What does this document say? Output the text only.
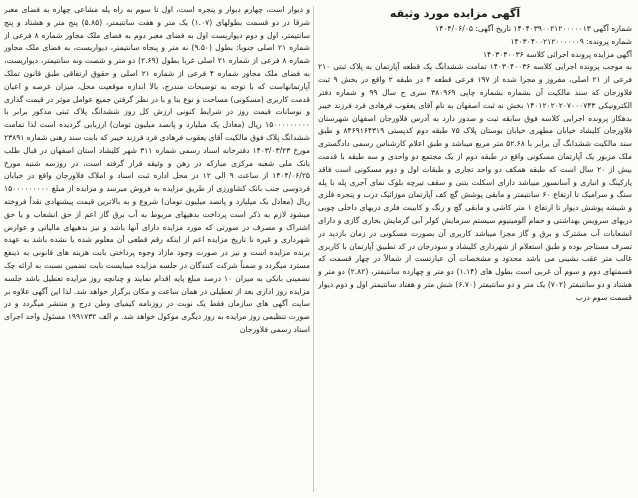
آگهی مزایده مورد وثیقه
شماره آگهی ۱۴۰۴۰۳۹۰۰۲۱۲۰۰۰۰۰۱۳ تاریخ آگهی: ۱۴۰۴/۰۶/۰۵
شماره پرونده: ۱۴۰۳۰۴۰۰۲۱۲۰۰۰۰۰۰۹
آگهی مزایده پرونده اجرائی کلاسه ۱۴۰۳۰۴۰۰۳۶
به موجب پرونده اجرایی کلاسه ۱۴۰۳۰۴۰۰۳۶ تمامت ششدانگ یک قطعه آپارتمان به پلاک ثبتی ۲۱۰ فرعی از ۲۱ اصلی، مفروز و مجزا شده از ۱۹۷ فرعی قطعه ۴ در طبقه ۲ واقع در بخش ۹ ثبت فلاورجان که سند مالکیت آن بشماره بشماره چاپی ۳۸۰۹۶۹ سری ج سال ۹۹ و شماره دفتر الکترونیکی ۱۴۰۱۲۰۲۰۲۰۷۰۰۰۷۴۳ بخش نه ثبت اصفهان به نام آقای یعقوب فرهادی فرد فرزند خیبر بدهکار پرونده اجرایی کلاسه فوق سابقه ثبت و صدور دارد به آدرس فلاورجان اصفهان شهرستان فلاورجان کلیشاد خیابان مطهری خیابان بوستان پلاک ۷۵ طبقه دوم کدپستی ۸۴۶۹۱۶۴۳۱۹ و طبق سند مالکیت ششدانگ آن برابر با ۵۲.۶۸ متر مربع میباشد و طبق اعلام کارشناس رسمی دادگستری ملک مزبور یک آپارتمان مسکونی واقع در طبقه دوم از یک مجتمع دو واحدی و سه طبقه با قدمت بیش از ۲۰ سال است که طبقه همکف دو واحد تجاری و طبقات اول و دوم مسکونی است فاقد پارکینگ و انباری و آسانسور میباشد دارای اسکلت بتنی و سقف تیرچه بلوک نمای آجری پله با پله سنگ و سرامیک تا ارتفاع ۶۰ سانتیمتر و مابقی پوشش گچ کف آپارتمان موزائیک درب و پنجره فلزی و شیشه پوشش دیوار تا ارتفاع ۱ متر کاشی و مابقی گچ و رنگ و کابینت فلزی دربهای داخلی چوبی دربهای سرویس بهداشتی و حمام آلومینیوم سیستم سرمایش کولر آبی گرمایش بخاری گازی و دارای انشعابات آب مشترک و برق و گاز مجزا میباشد کاربری آن بصورت مسکونی در زمان بازدید در تصرف مستاجر بوده و طبق استعلام از شهرداری کلیشاد و سودرجان در کد تطبیق آپارتمان با کاربری غالب متر عقب نشینی می باشد محدود و مشخصات آن عبارتست از شمالاً در چهار قسمت که قسمتهای دوم و سوم آن غربی است بطول های (۱.۱۴) دو متر و چهارده سانتیمتر، (۲.۸۲) دو متر و هشتاد و دو سانتیمتر (۷۰۲) یک متر و دو سانتیمتر (۶.۷۰) شش متر و هفتاد سانتیمتر اول و دوم دیوار قسمت سوم درب
و دیوار است، چهارم دیوار و پنجره است، اول تا سوم به راه پله مشاعی چهاره به فضای معبر شرقا در دو قسمت بطولهای (۱.۰۷) یک متر و هفت سانتیمتر، (۵.۸۵) پنج متر و هشتاد و پنج سانتیمتر، اول و دوم دیواریست اول به فضای معبر دوم به فضای ملک مجاور شماره ۸ فرعی از شماره ۲۱ اصلی جنوبا: بطول (۹.۵۰) نه متر و پنجاه سانتیمتر، دیواریست، به فضای ملک مجاور شماره ۸ فرعی از شماره ۲۱ اصلی غربا بطول (۲.۶۹) دو متر و شصت ونه سانتیمتر، دیواریست، به فضای ملک مجاور شماره ۴ فرعی از شماره ۲۱ اصلی و حقوق ارتفاقی طبق قانون تملک آپارتمانهاست که با توجه به توضیحات مندرج، بالا اندازه موقعیت محل، میزان عرصه و اعیان قدمت کاربری (مسکونی) مساحت و نوع بنا و با در نظر گرفتن جمیع عوامل موثر در قیمت گذاری و نوسانات قیمت روز در شرایط کنونی ارزش کل روز ششدانگ پلاک ثبتی مذکور برابر با ۱۵۰۰۰۰۰۰۰۰۰ ریال (معادل یک میلیارد و پانصد میلیون تومان) ارزیابی گردیده است لذا تمامت ششدانگ پلاک فوق مالکیت آقای یعقوب فرهادی فرد فرزند خیبر که بابت سند رهنی شماره ۲۳۸۹۱ مورخ ۱۴۰۳/۰۳/۲۳ دفترخانه اسناد رسمی شماره ۳۱۱ شهر کلیشاد استان اصفهان در قبال طلب بانک ملی شعبه مرکزی مبارکه در رهن و وثیقه قرار گرفته است، در روزسه شنبه مورخ ۱۴۰۴/۰۶/۲۵ از ساعت ۹ الی ۱۲ در محل اداره ثبت اسناد و املاک فلاورجان واقع در خیابان فردوسی جنب بانک کشاورزی از طریق مزایده به فروش میرسد و مزایده از مبلغ ۱۵۰۰۰۰۰۰۰۰۰ ریال (معادل یک میلیارد و پانصد میلیون تومان) شروع و به بالاترین قیمت پیشنهادی نقداً فروخته میشود لازم به ذکر است پرداخت بدهیهای مربوط به آب برق گاز اعم از حق انشعاب و یا حق اشتراک و مصرف در صورتی که مورد مزایده دارای آنها باشد و نیز بدهیهای مالیاتی و عوارض شهرداری و غیره تا تاریخ مزایده اعم از اینکه رقم قطعی آن معلوم شده یا نشده باشد به عهده برنده مزایده است و نیز در صورت وجود مازاد وجوه پرداختی بابت هزینه های قانونی به ذینفع مسترد میگردد و ضمناً شرکت کنندگان در جلسه مزایده میبایست بابت تضمین نسبت به ارائه چک تضمینی بانکی به میزان ۱۰ درصد مبلغ پایه اقدام نمایند و چنانچه روز مزایده تعطیل باشد جلسه مزایده روز اداری بعد از تعطیلی در همان ساعت و مکان برگزار خواهد شد. لذا این آگهی علاوه بر سایت آگهی های سازمان فقط یک نوبت در روزنامه کیمیای وطن درج و منتشر میگردد و در صورت تنظیمی روز مزایده به روز دیگری موکول خواهد شد. م الف ۱۹۹۱۷۳۲ مسئول واحد اجرای اسناد رسمی فلاورجان
